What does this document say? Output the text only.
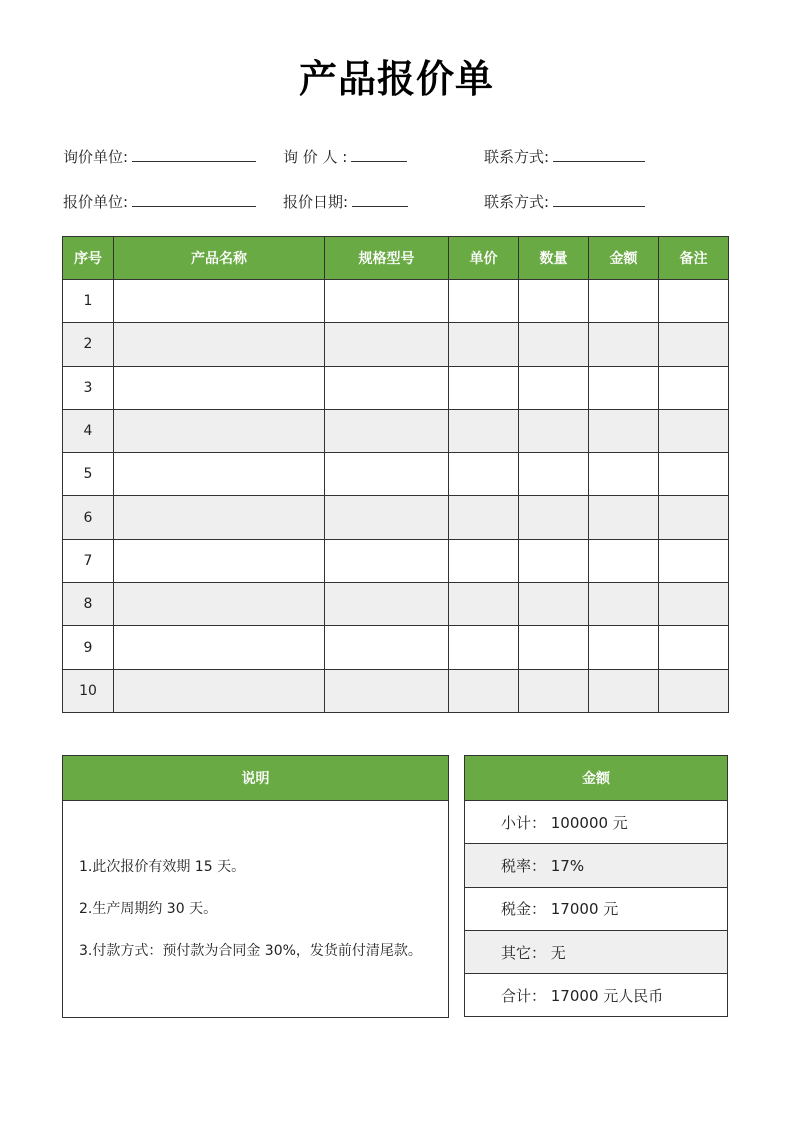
产品报价单
询价单位:	询 价 人 :	联系方式:
报价单位:	报价日期:	联系方式:
序号	产品名称	规格型号	单价	数量	金额	备注
1						
2						
3						
4						
5						
6						
7						
8						
9						
10						
说明

1.此次报价有效期 15 天。
2.生产周期约 30 天。
3.付款方式：预付款为合同金 30%，发货前付清尾款。
金额
小计： 100000 元
税率： 17%
税金： 17000 元
其它： 无
合计： 17000 元人民币
